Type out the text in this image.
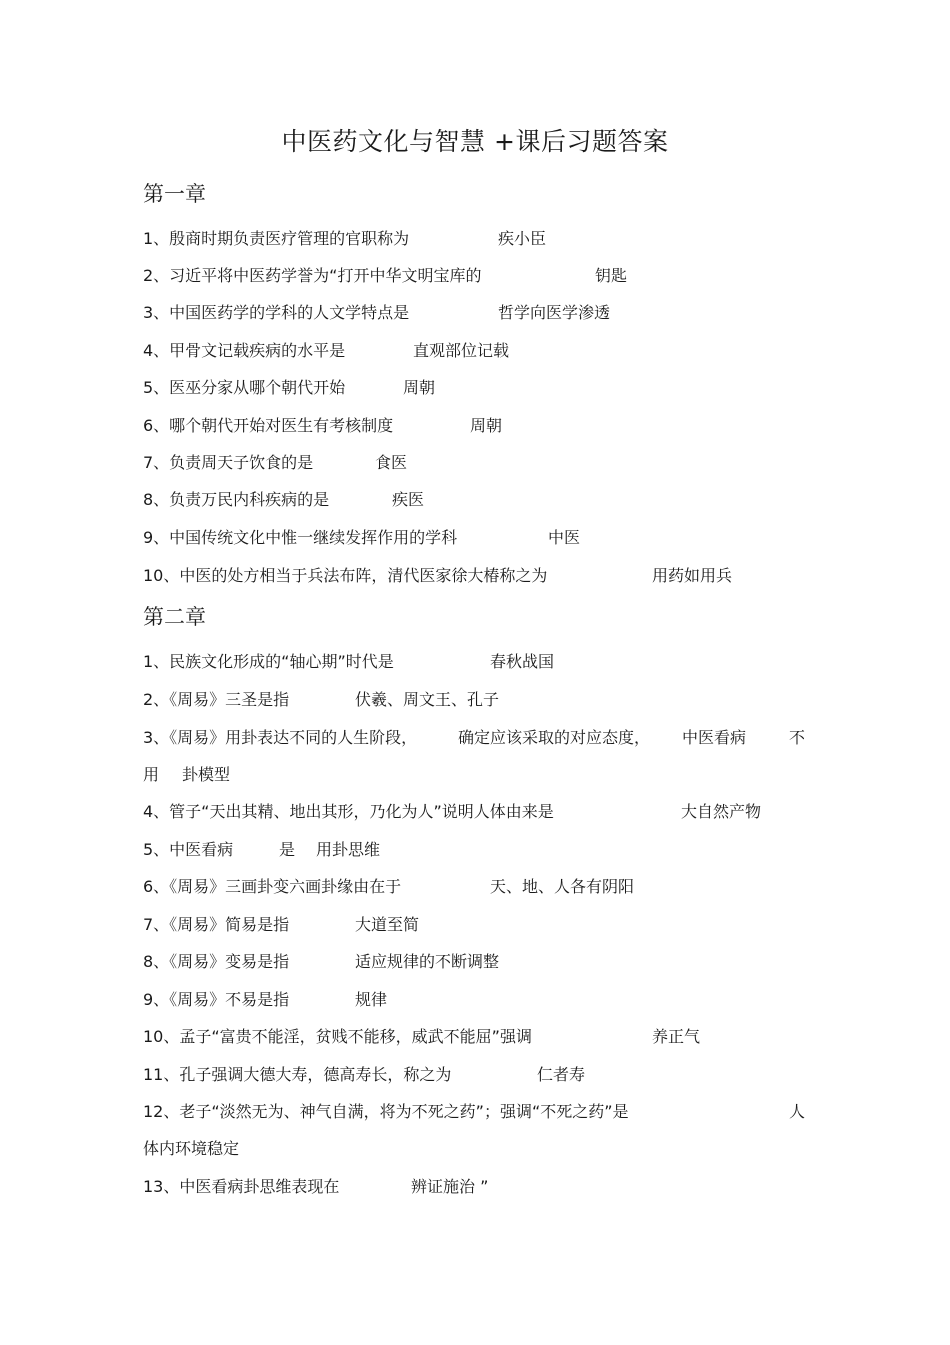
中医药文化与智慧 +课后习题答案
第一章
1、殷商时期负责医疗管理的官职称为	疾小臣
2、习近平将中医药学誉为“打开中华文明宝库的	钥匙
3、中国医药学的学科的人文学特点是	哲学向医学渗透
4、甲骨文记载疾病的水平是	直观部位记载
5、医巫分家从哪个朝代开始	周朝
6、哪个朝代开始对医生有考核制度	周朝
7、负责周天子饮食的是	食医
8、负责万民内科疾病的是	疾医
9、中国传统文化中惟一继续发挥作用的学科	中医
10、中医的处方相当于兵法布阵，清代医家徐大椿称之为	用药如用兵
第二章
1、民族文化形成的“轴心期”时代是	春秋战国
2、《周易》三圣是指	伏羲、周文王、孔子
3、《周易》用卦表达不同的人生阶段，	确定应该采取的对应态度， 中医看病	不
用 卦模型
4、管子“天出其精、地出其形，乃化为人”说明人体由来是	大自然产物
5、中医看病	是 用卦思维
6、《周易》三画卦变六画卦缘由在于	天、地、人各有阴阳
7、《周易》简易是指	大道至简
8、《周易》变易是指	适应规律的不断调整
9、《周易》不易是指	规律
10、孟子“富贵不能淫，贫贱不能移，威武不能屈”强调	养正气
11、孔子强调大德大寿，德高寿长，称之为	仁者寿
12、老子“淡然无为、神气自满，将为不死之药”；强调“不死之药”是	人
体内环境稳定
13、中医看病卦思维表现在	辨证施治 ”
